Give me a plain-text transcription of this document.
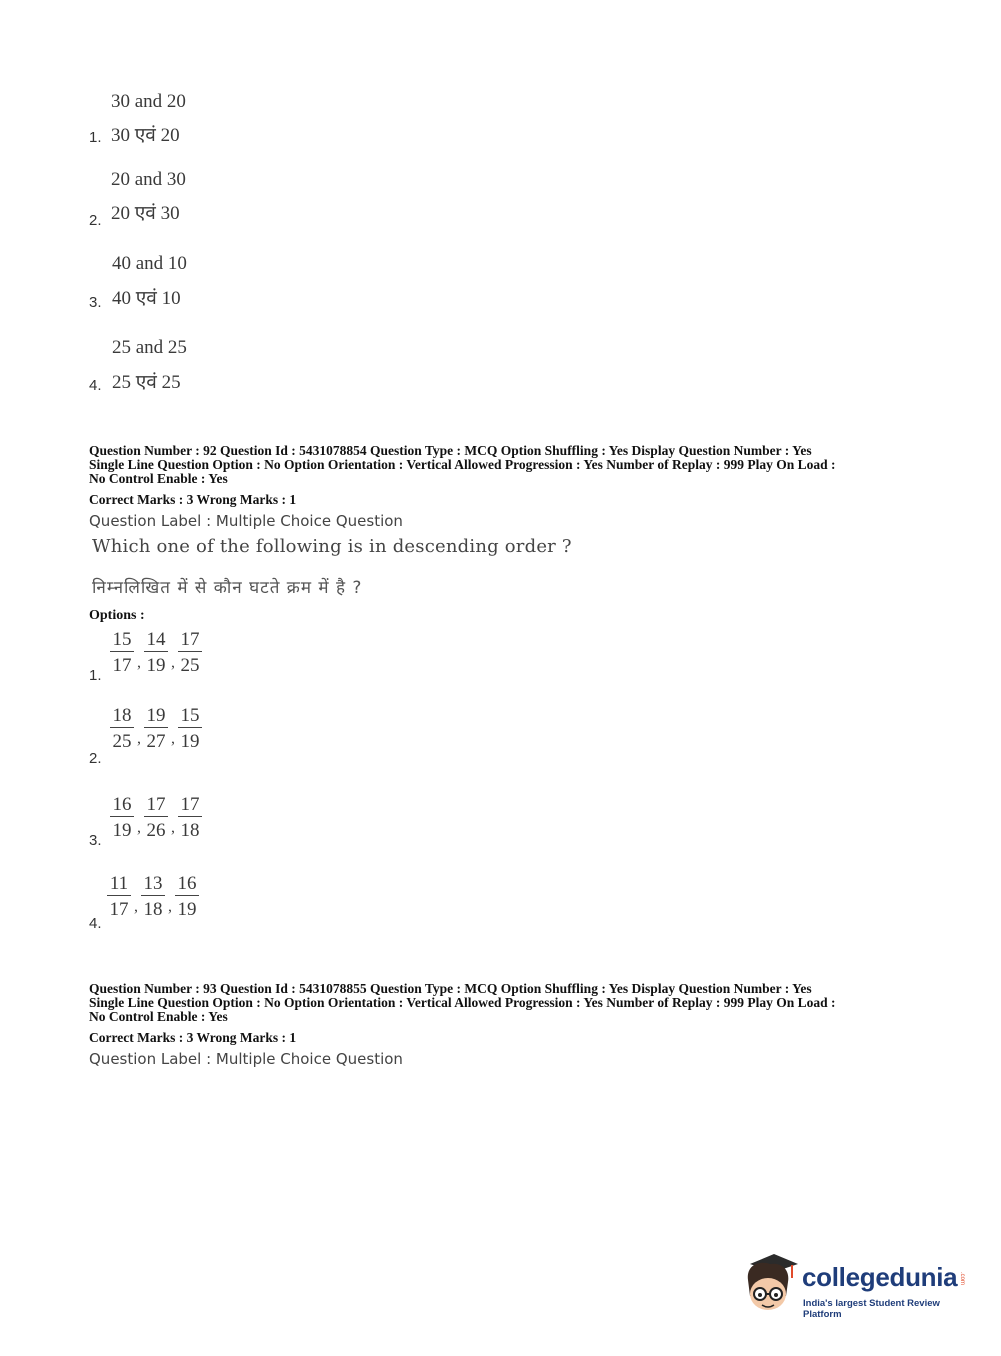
30 and 20
1. 30 एवं 20
20 and 30
2. 20 एवं 30
40 and 10
3. 40 एवं 10
25 and 25
4. 25 एवं 25
Question Number : 92 Question Id : 5431078854 Question Type : MCQ Option Shuffling : Yes Display Question Number : Yes
Single Line Question Option : No Option Orientation : Vertical Allowed Progression : Yes Number of Replay : 999 Play On Load :
No Control Enable : Yes
Correct Marks : 3 Wrong Marks : 1
Question Label : Multiple Choice Question
Which one of the following is in descending order ?
निम्नलिखित में से कौन घटते क्रम में है ?
Options :
1.
$\frac{15}{17}$ , $\frac{14}{19}$ , $\frac{17}{25}$
2.
$\frac{18}{25}$ , $\frac{19}{27}$ , $\frac{15}{19}$
3.
$\frac{16}{19}$ , $\frac{17}{26}$ , $\frac{17}{18}$
4.
$\frac{11}{17}$ , $\frac{13}{18}$ , $\frac{16}{19}$
Question Number : 93 Question Id : 5431078855 Question Type : MCQ Option Shuffling : Yes Display Question Number : Yes
Single Line Question Option : No Option Orientation : Vertical Allowed Progression : Yes Number of Replay : 999 Play On Load :
No Control Enable : Yes
Correct Marks : 3 Wrong Marks : 1
Question Label : Multiple Choice Question
collegedunia .com
India's largest Student Review Platform
